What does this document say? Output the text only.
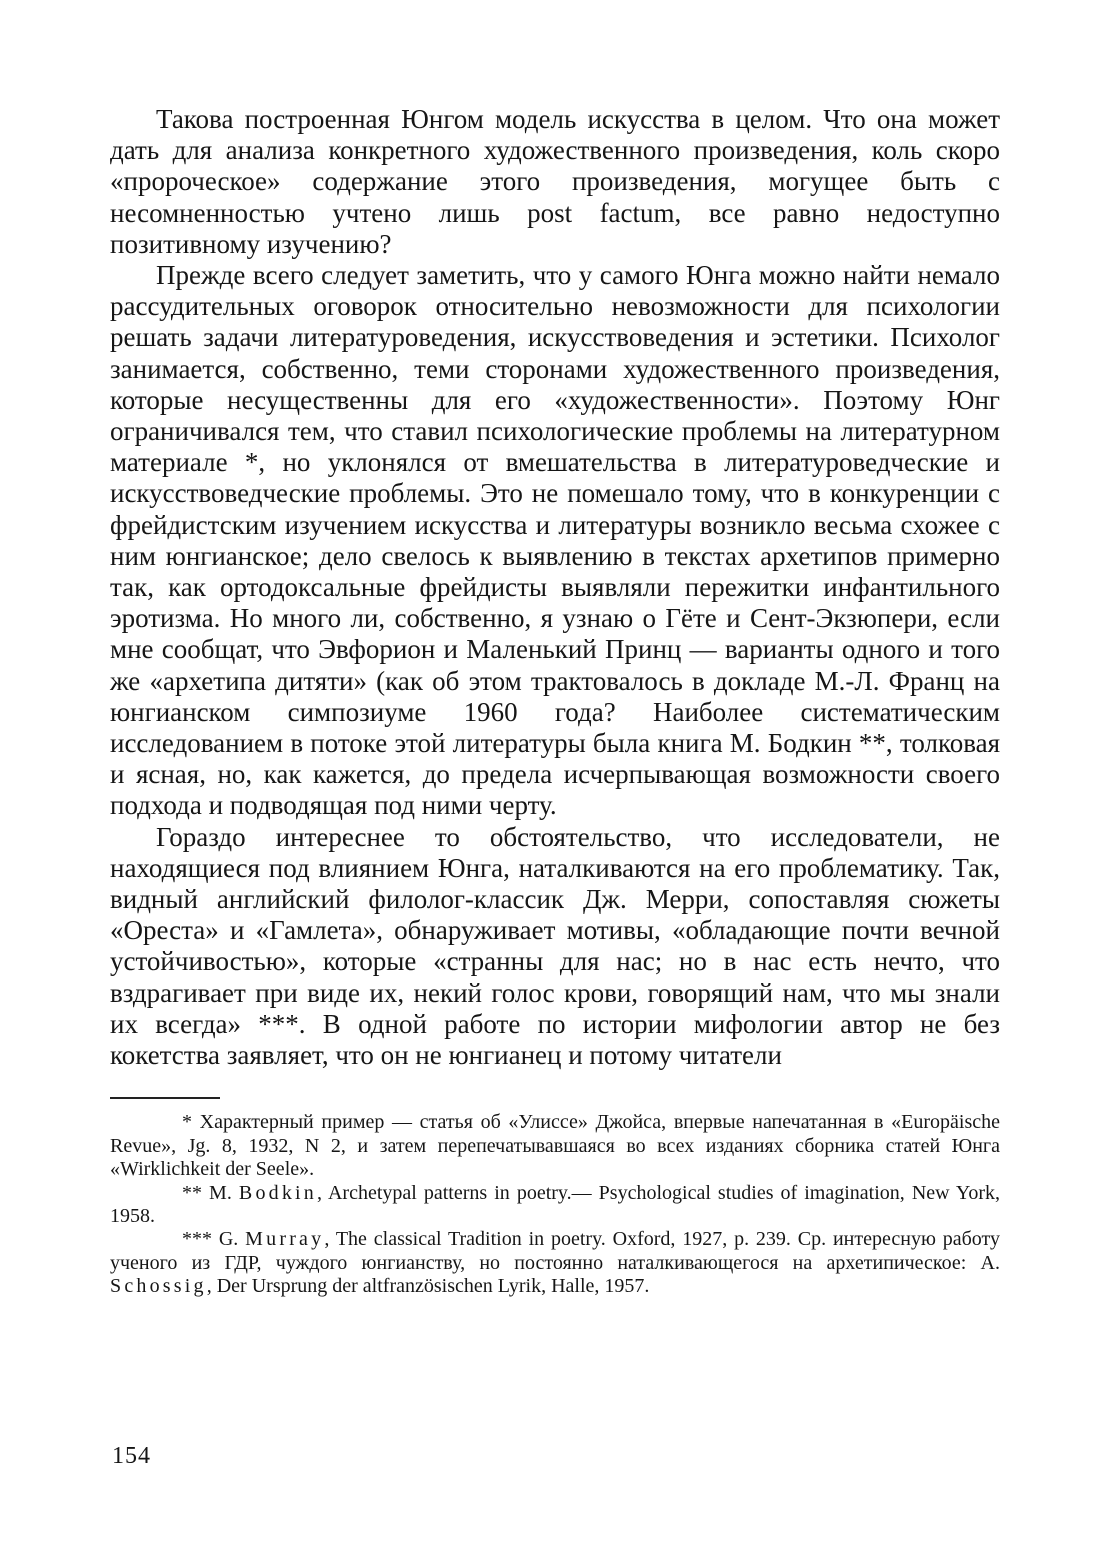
Такова построенная Юнгом модель искусства в целом. Что она может дать для анализа конкретного художественного произведения, коль скоро «пророческое» содержание этого произведения, могущее быть с несомненностью учтено лишь post factum, все равно недоступно позитивному изучению?

Прежде всего следует заметить, что у самого Юнга можно найти немало рассудительных оговорок относительно невозможности для психологии решать задачи литературоведения, искусствоведения и эстетики. Психолог занимается, собственно, теми сторонами художественного произведения, которые несущественны для его «художественности». Поэтому Юнг ограничивался тем, что ставил психологические проблемы на литературном материале *, но уклонялся от вмешательства в литературоведческие и искусствоведческие проблемы. Это не помешало тому, что в конкуренции с фрейдистским изучением искусства и литературы возникло весьма схожее с ним юнгианское; дело свелось к выявлению в текстах архетипов примерно так, как ортодоксальные фрейдисты выявляли пережитки инфантильного эротизма. Но много ли, собственно, я узнаю о Гёте и Сент-Экзюпери, если мне сообщат, что Эвфорион и Маленький Принц — варианты одного и того же «архетипа дитяти» (как об этом трактовалось в докладе М.-Л. Франц на юнгианском симпозиуме 1960 года? Наиболее систематическим исследованием в потоке этой литературы была книга М. Бодкин **, толковая и ясная, но, как кажется, до предела исчерпывающая возможности своего подхода и подводящая под ними черту.

Гораздо интереснее то обстоятельство, что исследователи, не находящиеся под влиянием Юнга, наталкиваются на его проблематику. Так, видный английский филолог-классик Дж. Мерри, сопоставляя сюжеты «Ореста» и «Гамлета», обнаруживает мотивы, «обладающие почти вечной устойчивостью», которые «странны для нас; но в нас есть нечто, что вздрагивает при виде их, некий голос крови, говорящий нам, что мы знали их всегда» ***. В одной работе по истории мифологии автор не без кокетства заявляет, что он не юнгианец и потому читатели

* Характерный пример — статья об «Улиссе» Джойса, впервые напечатанная в «Europäische Revue», Jg. 8, 1932, N 2, и затем перепечатывавшаяся во всех изданиях сборника статей Юнга «Wirklichkeit der Seele».

** M. Bodkin, Archetypal patterns in poetry.— Psychological studies of imagination, New York, 1958.

*** G. Murray, The classical Tradition in poetry. Oxford, 1927, p. 239. Ср. интересную работу ученого из ГДР, чуждого юнгианству, но постоянно наталкивающегося на архетипическое: A. Schossig, Der Ursprung der altfranzösischen Lyrik, Halle, 1957.

154
